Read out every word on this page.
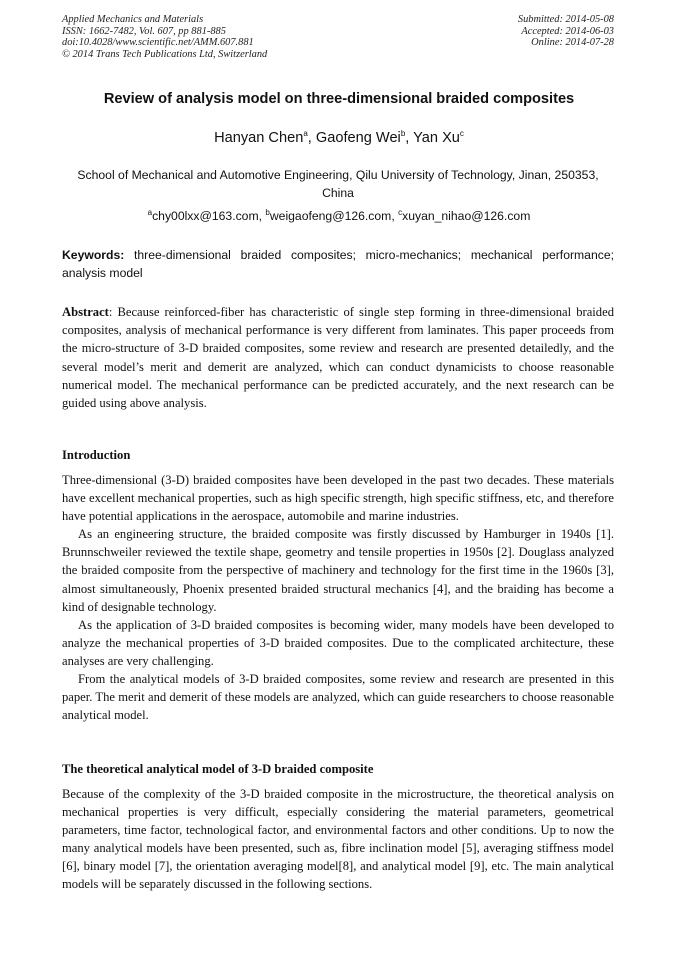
Applied Mechanics and Materials
ISSN: 1662-7482, Vol. 607, pp 881-885
doi:10.4028/www.scientific.net/AMM.607.881
© 2014 Trans Tech Publications Ltd, Switzerland
Submitted: 2014-05-08
Accepted: 2014-06-03
Online: 2014-07-28
Review of analysis model on three-dimensional braided composites
Hanyan Chen$^a$, Gaofeng Wei$^b$, Yan Xu$^c$
School of Mechanical and Automotive Engineering, Qilu University of Technology, Jinan, 250353, China
$^a$chy00lxx@163.com, $^b$weigaofeng@126.com, $^c$xuyan_nihao@126.com
Keywords: three-dimensional braided composites; micro-mechanics; mechanical performance; analysis model
Abstract: Because reinforced-fiber has characteristic of single step forming in three-dimensional braided composites, analysis of mechanical performance is very different from laminates. This paper proceeds from the micro-structure of 3-D braided composites, some review and research are presented detailedly, and the several model’s merit and demerit are analyzed, which can conduct dynamicists to choose reasonable numerical model. The mechanical performance can be predicted accurately, and the next research can be guided using above analysis.
Introduction

Three-dimensional (3-D) braided composites have been developed in the past two decades. These materials have excellent mechanical properties, such as high specific strength, high specific stiffness, etc, and therefore have potential applications in the aerospace, automobile and marine industries.

As an engineering structure, the braided composite was firstly discussed by Hamburger in 1940s [1]. Brunnschweiler reviewed the textile shape, geometry and tensile properties in 1950s [2]. Douglass analyzed the braided composite from the perspective of machinery and technology for the first time in the 1960s [3], almost simultaneously, Phoenix presented braided structural mechanics [4], and the braiding has become a kind of designable technology.

As the application of 3-D braided composites is becoming wider, many models have been developed to analyze the mechanical properties of 3-D braided composites. Due to the complicated architecture, these analyses are very challenging.

From the analytical models of 3-D braided composites, some review and research are presented in this paper. The merit and demerit of these models are analyzed, which can guide researchers to choose reasonable analytical model.

The theoretical analytical model of 3-D braided composite
Because of the complexity of the 3-D braided composite in the microstructure, the theoretical analysis on mechanical properties is very difficult, especially considering the material parameters, geometrical parameters, time factor, technological factor, and environmental factors and other conditions. Up to now the many analytical models have been presented, such as, fibre inclination model [5], averaging stiffness model [6], binary model [7], the orientation averaging model[8], and analytical model [9], etc. The main analytical models will be separately discussed in the following sections.
